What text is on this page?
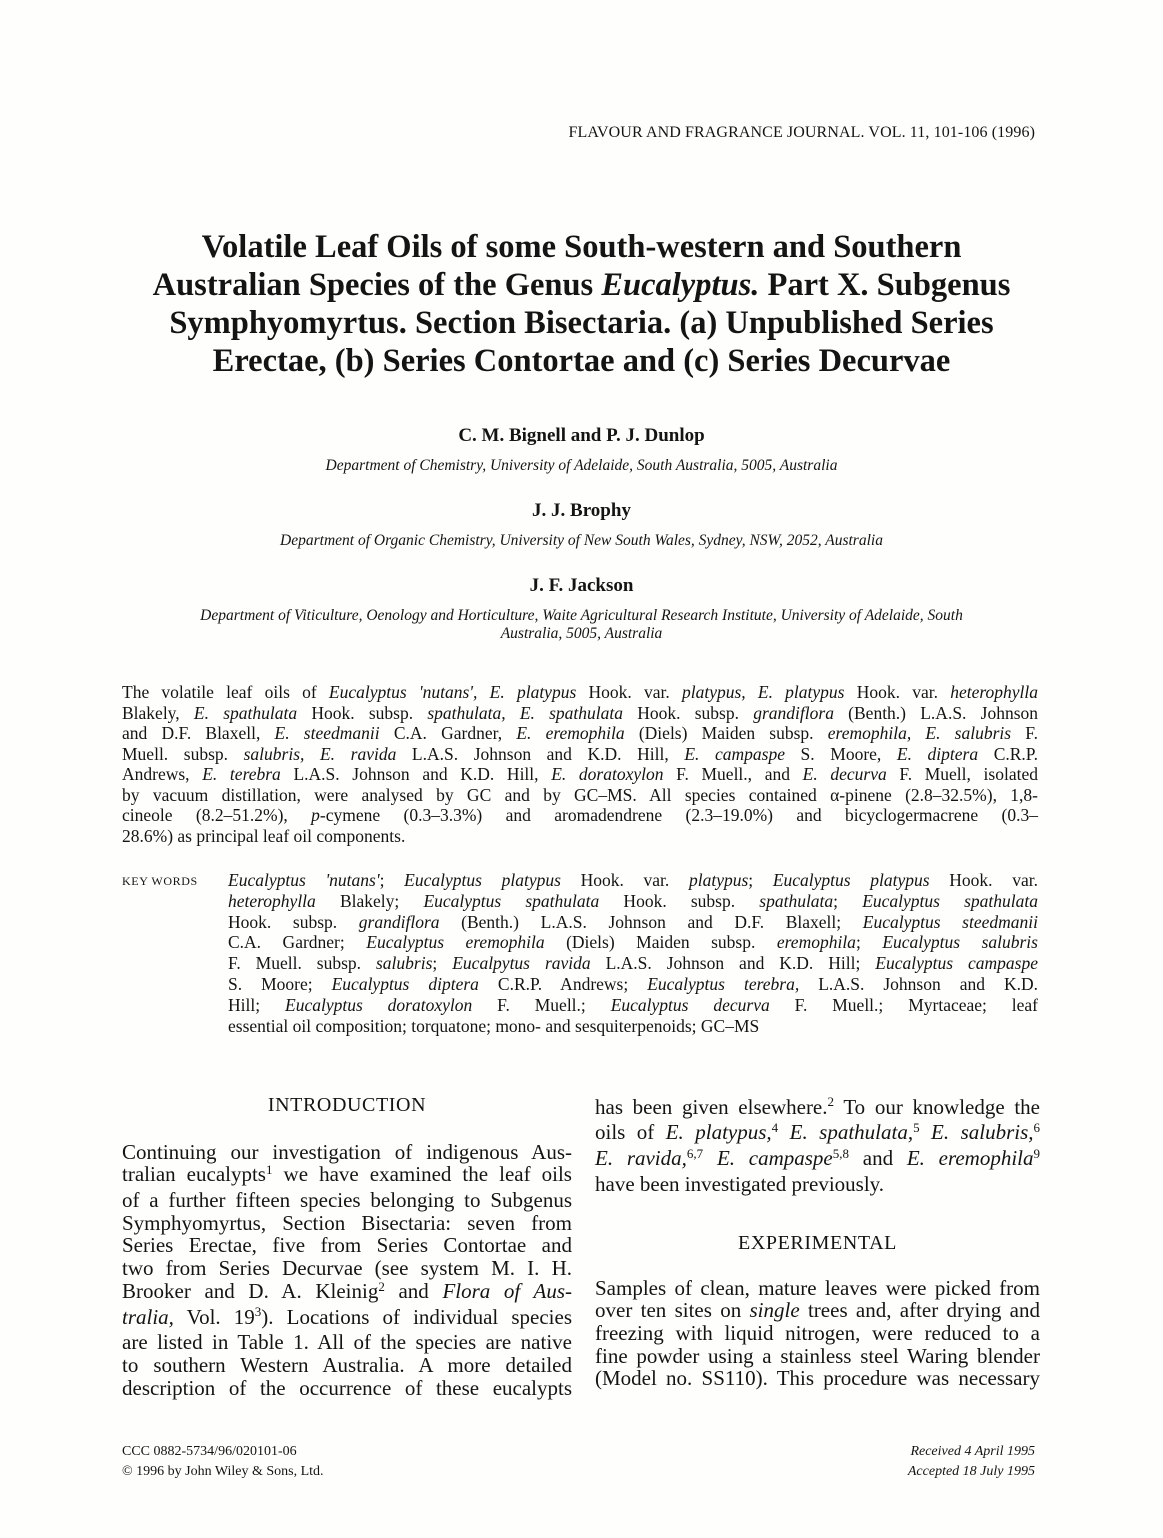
FLAVOUR AND FRAGRANCE JOURNAL. VOL. 11, 101-106 (1996)
Volatile Leaf Oils of some South-western and Southern
Australian Species of the Genus Eucalyptus. Part X. Subgenus
Symphyomyrtus. Section Bisectaria. (a) Unpublished Series
Erectae, (b) Series Contortae and (c) Series Decurvae
C. M. Bignell and P. J. Dunlop
Department of Chemistry, University of Adelaide, South Australia, 5005, Australia
J. J. Brophy
Department of Organic Chemistry, University of New South Wales, Sydney, NSW, 2052, Australia
J. F. Jackson
Department of Viticulture, Oenology and Horticulture, Waite Agricultural Research Institute, University of Adelaide, South
Australia, 5005, Australia
The volatile leaf oils of Eucalyptus 'nutans', E. platypus Hook. var. platypus, E. platypus Hook. var. heterophylla
Blakely, E. spathulata Hook. subsp. spathulata, E. spathulata Hook. subsp. grandiflora (Benth.) L.A.S. Johnson
and D.F. Blaxell, E. steedmanii C.A. Gardner, E. eremophila (Diels) Maiden subsp. eremophila, E. salubris F.
Muell. subsp. salubris, E. ravida L.A.S. Johnson and K.D. Hill, E. campaspe S. Moore, E. diptera C.R.P.
Andrews, E. terebra L.A.S. Johnson and K.D. Hill, E. doratoxylon F. Muell., and E. decurva F. Muell, isolated
by vacuum distillation, were analysed by GC and by GC–MS. All species contained α-pinene (2.8–32.5%), 1,8-
cineole (8.2–51.2%), p-cymene (0.3–3.3%) and aromadendrene (2.3–19.0%) and bicyclogermacrene (0.3–
28.6%) as principal leaf oil components.
KEY WORDS Eucalyptus 'nutans'; Eucalyptus platypus Hook. var. platypus; Eucalyptus platypus Hook. var.
heterophylla Blakely; Eucalyptus spathulata Hook. subsp. spathulata; Eucalyptus spathulata
Hook. subsp. grandiflora (Benth.) L.A.S. Johnson and D.F. Blaxell; Eucalyptus steedmanii
C.A. Gardner; Eucalyptus eremophila (Diels) Maiden subsp. eremophila; Eucalyptus salubris
F. Muell. subsp. salubris; Eucalpytus ravida L.A.S. Johnson and K.D. Hill; Eucalyptus campaspe
S. Moore; Eucalyptus diptera C.R.P. Andrews; Eucalyptus terebra, L.A.S. Johnson and K.D.
Hill; Eucalyptus doratoxylon F. Muell.; Eucalyptus decurva F. Muell.; Myrtaceae; leaf
essential oil composition; torquatone; mono- and sesquiterpenoids; GC–MS
INTRODUCTION
Continuing our investigation of indigenous Aus-
tralian eucalypts$^1$ we have examined the leaf oils
of a further fifteen species belonging to Subgenus
Symphyomyrtus, Section Bisectaria: seven from
Series Erectae, five from Series Contortae and
two from Series Decurvae (see system M. I. H.
Brooker and D. A. Kleinig$^2$ and Flora of Aus-
tralia, Vol. $19^3$). Locations of individual species
are listed in Table 1. All of the species are native
to southern Western Australia. A more detailed
description of the occurrence of these eucalypts
has been given elsewhere.$^2$ To our knowledge the
oils of E. platypus,$^4$ E. spathulata,$^5$ E. salubris,$^6$
E. ravida,$^{6,7}$ E. campaspe$^{5,8}$ and E. eremophila$^9$
have been investigated previously.
EXPERIMENTAL
Samples of clean, mature leaves were picked from
over ten sites on single trees and, after drying and
freezing with liquid nitrogen, were reduced to a
fine powder using a stainless steel Waring blender
(Model no. SS110). This procedure was necessary
CCC 0882-5734/96/020101-06
© 1996 by John Wiley & Sons, Ltd.
Received 4 April 1995
Accepted 18 July 1995
